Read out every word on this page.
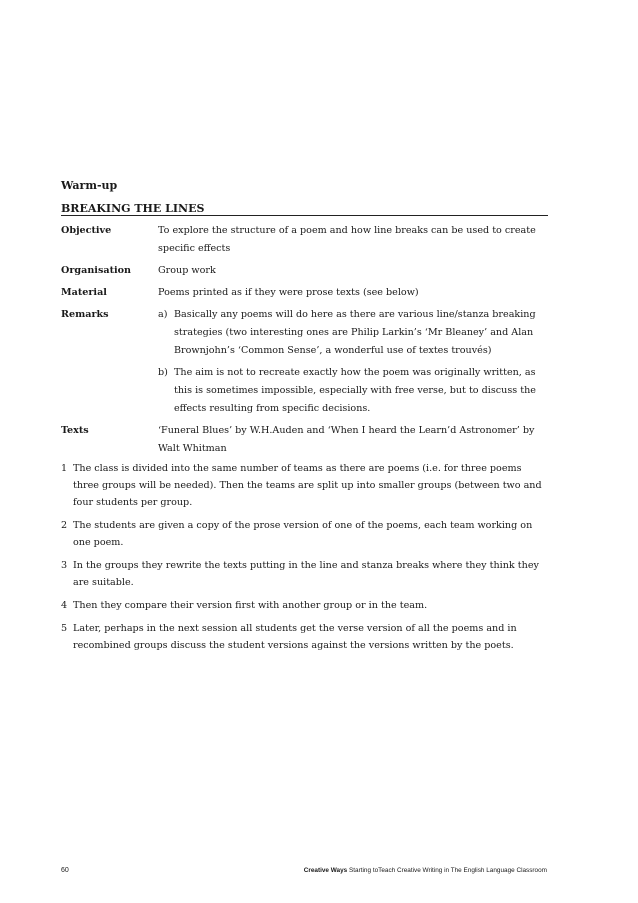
Warm-up
BREAKING THE LINES
Objective	To explore the structure of a poem and how line breaks can be used to create specific effects
Organisation	Group work
Material	Poems printed as if they were prose texts (see below)
Remarks	a) Basically any poems will do here as there are various line/stanza breaking strategies (two interesting ones are Philip Larkin’s ‘Mr Bleaney’ and Alan Brownjohn’s ‘Common Sense’, a wonderful use of textes trouvés)
b) The aim is not to recreate exactly how the poem was originally written, as this is sometimes impossible, especially with free verse, but to discuss the effects resulting from specific decisions.
Texts	‘Funeral Blues’ by W.H.Auden and ‘When I heard the Learn’d Astronomer’ by Walt Whitman
1 The class is divided into the same number of teams as there are poems (i.e. for three poems three groups will be needed). Then the teams are split up into smaller groups (between two and four students per group.
2 The students are given a copy of the prose version of one of the poems, each team working on one poem.
3 In the groups they rewrite the texts putting in the line and stanza breaks where they think they are suitable.
4 Then they compare their version first with another group or in the team.
5 Later, perhaps in the next session all students get the verse version of all the poems and in recombined groups discuss the student versions against the versions written by the poets.
60	Creative Ways Starting toTeach Creative Writing in The English Language Classroom
